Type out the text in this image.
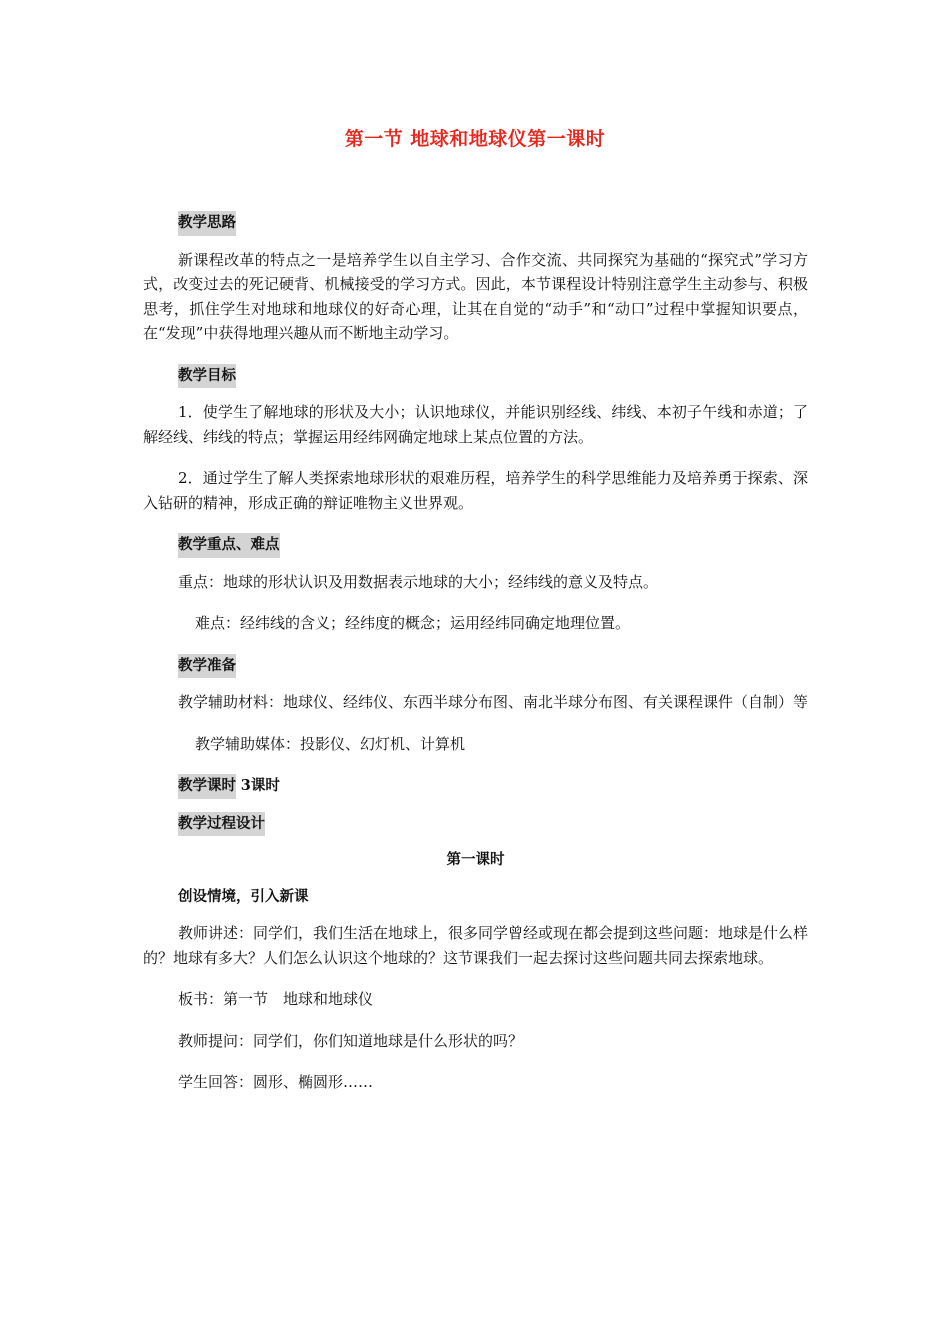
第一节 地球和地球仪第一课时
教学思路

新课程改革的特点之一是培养学生以自主学习、合作交流、共同探究为基础的“探究式”学习方式，改变过去的死记硬背、机械接受的学习方式。因此，本节课程设计特别注意学生主动参与、积极思考，抓住学生对地球和地球仪的好奇心理，让其在自觉的“动手”和“动口”过程中掌握知识要点，在“发现”中获得地理兴趣从而不断地主动学习。

教学目标

1．使学生了解地球的形状及大小；认识地球仪，并能识别经线、纬线、本初子午线和赤道；了解经线、纬线的特点；掌握运用经纬网确定地球上某点位置的方法。

2．通过学生了解人类探索地球形状的艰难历程，培养学生的科学思维能力及培养勇于探索、深入钻研的精神，形成正确的辩证唯物主义世界观。

教学重点、难点

重点：地球的形状认识及用数据表示地球的大小；经纬线的意义及特点。

难点：经纬线的含义；经纬度的概念；运用经纬同确定地理位置。

教学准备

教学辅助材料：地球仪、经纬仪、东西半球分布图、南北半球分布图、有关课程课件（自制）等

教学辅助媒体：投影仪、幻灯机、计算机

教学课时 3课时
教学过程设计
第一课时
创设情境，引入新课

教师讲述：同学们，我们生活在地球上，很多同学曾经或现在都会提到这些问题：地球是什么样的？地球有多大？人们怎么认识这个地球的？这节课我们一起去探讨这些问题共同去探索地球。

板书：第一节　地球和地球仪

教师提问：同学们，你们知道地球是什么形状的吗？

学生回答：圆形、椭圆形……
